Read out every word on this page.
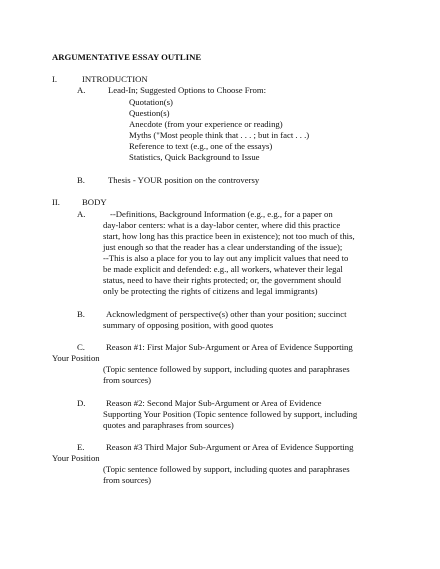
ARGUMENTATIVE ESSAY OUTLINE
I.	INTRODUCTION
A.	Lead-In; Suggested Options to Choose From:
Quotation(s)
Question(s)
Anecdote (from your experience or reading)
Myths ("Most people think that . . . ; but in fact . . .)
Reference to text (e.g., one of the essays)
Statistics, Quick Background to Issue
B.	Thesis - YOUR position on the controversy
II.	BODY
A.	--Definitions, Background Information (e.g., e.g., for a paper on
day-labor centers: what is a day-labor center, where did this practice
start, how long has this practice been in existence); not too much of this,
just enough so that the reader has a clear understanding of the issue);
--This is also a place for you to lay out any implicit values that need to
be made explicit and defended: e.g., all workers, whatever their legal
status, need to have their rights protected; or, the government should
only be protecting the rights of citizens and legal immigrants)
B. Acknowledgment of perspective(s) other than your position; succinct
summary of opposing position, with good quotes
C. Reason #1: First Major Sub-Argument or Area of Evidence Supporting
Your Position
(Topic sentence followed by support, including quotes and paraphrases
from sources)
D. Reason #2: Second Major Sub-Argument or Area of Evidence
Supporting Your Position (Topic sentence followed by support, including
quotes and paraphrases from sources)
E. Reason #3 Third Major Sub-Argument or Area of Evidence Supporting
Your Position
(Topic sentence followed by support, including quotes and paraphrases
from sources)
